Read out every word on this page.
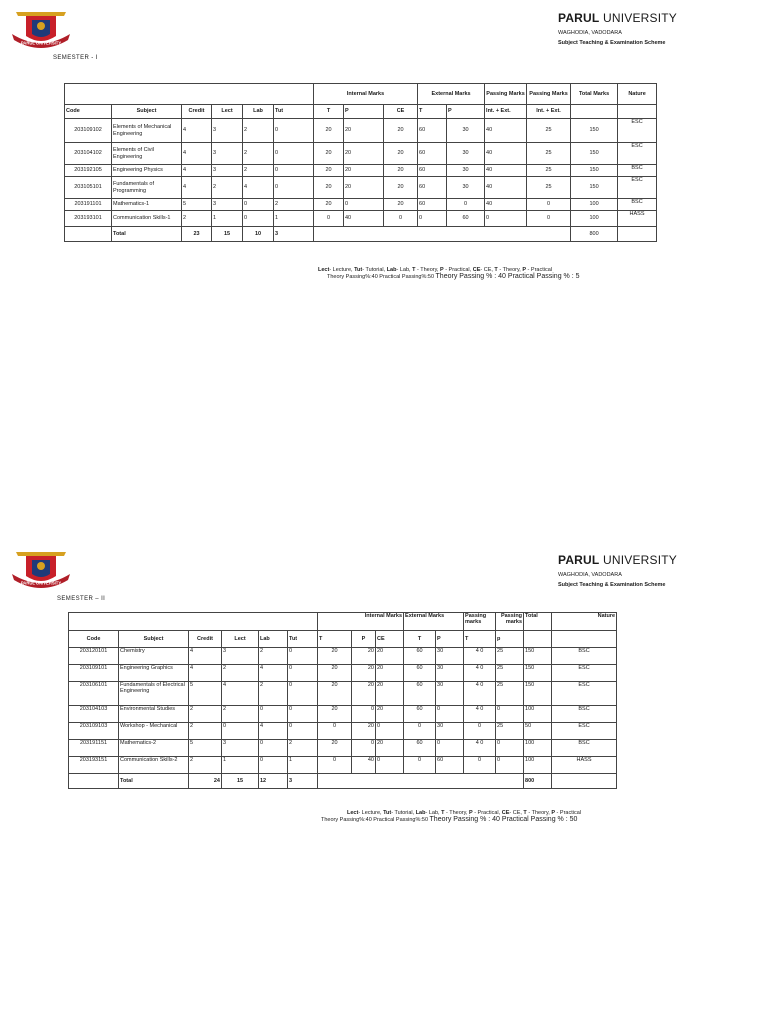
PARUL UNIVERSITY
SEMESTER - I
PARUL UNIVERSITY
WAGHODIA, VADODARA
Subject Teaching & Examination Scheme
						Internal Marks			External Marks		Passing Marks	Passing Marks	Total Marks	Nature
Code	Subject	Credit	Lect	Lab	Tut	T	P	CE	T	P	Int. + Ext.	Int. + Ext.		
203109102	Elements of Mechanical Engineering	4	3	2	0	20	20	20	60	30	40	25	150	ESC
203104102	Elements of Civil Engineering	4	3	2	0	20	20	20	60	30	40	25	150	ESC
203192105	Engineering Physics	4	3	2	0	20	20	20	60	30	40	25	150	BSC
203105101	Fundamentals of Programming	4	2	4	0	20	20	20	60	30	40	25	150	ESC
203191101	Mathematics-1	5	3	0	2	20	0	20	60	0	40	0	100	BSC
203193101	Communication Skills-1	2	1	0	1	0	40	0	0	60	0	0	100	HASS
	Total	23	15	10	3								800	
Lect- Lecture, Tut- Tutorial, Lab- Lab, T - Theory, P - Practical, CE- CE, T - Theory, P - Practical
Theory Passing%:40 Practical Passing%:50 Theory Passing % : 40 Practical Passing % : 5
PARUL UNIVERSITY
SEMESTER – II
PARUL UNIVERSITY
WAGHODIA, VADODARA
Subject Teaching & Examination Scheme
						Internal Marks			External Marks		Passing marks	Passing marks	Total	Nature
Code	Subject	Credit	Lect	Lab	Tut	T	P	CE	T	P	T	p		
203120101	Chemistry	4	3	2	0	20	20	20	60	30	4 0	25	150	BSC
203109101	Engineering Graphics	4	2	4	0	20	20	20	60	30	4 0	25	150	ESC
203106101	Fundamentals of Electrical Engineering	5	4	2	0	20	20	20	60	30	4 0	25	150	ESC
203104103	Environmental Studies	2	2	0	0	20	0	20	60	0	4 0	0	100	BSC
203109103	Workshop - Mechanical	2	0	4	0	0	20	0	0	30	0	25	50	ESC
203191151	Mathematics-2	5	3	0	2	20	0	20	60	0	4 0	0	100	BSC
203193151	Communication Skills-2	2	1	0	1	0	40	0	0	60	0	0	100	HASS
	Total	24	15	12	3								800	
Lect- Lecture, Tut- Tutorial, Lab- Lab, T - Theory, P - Practical, CE- CE, T - Theory, P - Practical
Theory Passing%:40 Practical Passing%:50 Theory Passing % : 40 Practical Passing % : 50
